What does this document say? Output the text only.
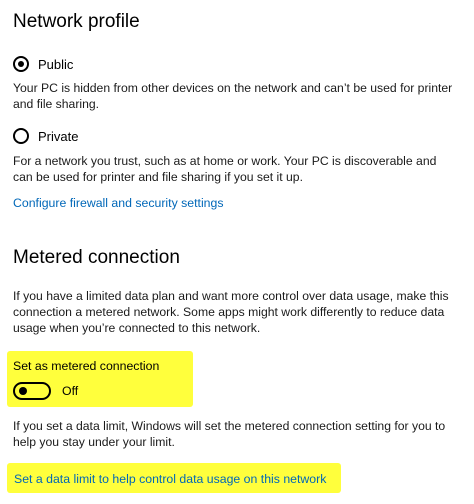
Network profile
Public

Your PC is hidden from other devices on the network and can’t be used for printer and file sharing.

Private

For a network you trust, such as at home or work. Your PC is discoverable and can be used for printer and file sharing if you set it up.

Configure firewall and security settings
Metered connection

If you have a limited data plan and want more control over data usage, make this connection a metered network. Some apps might work differently to reduce data usage when you’re connected to this network.

Set as metered connection
Off

If you set a data limit, Windows will set the metered connection setting for you to help you stay under your limit.

Set a data limit to help control data usage on this network
